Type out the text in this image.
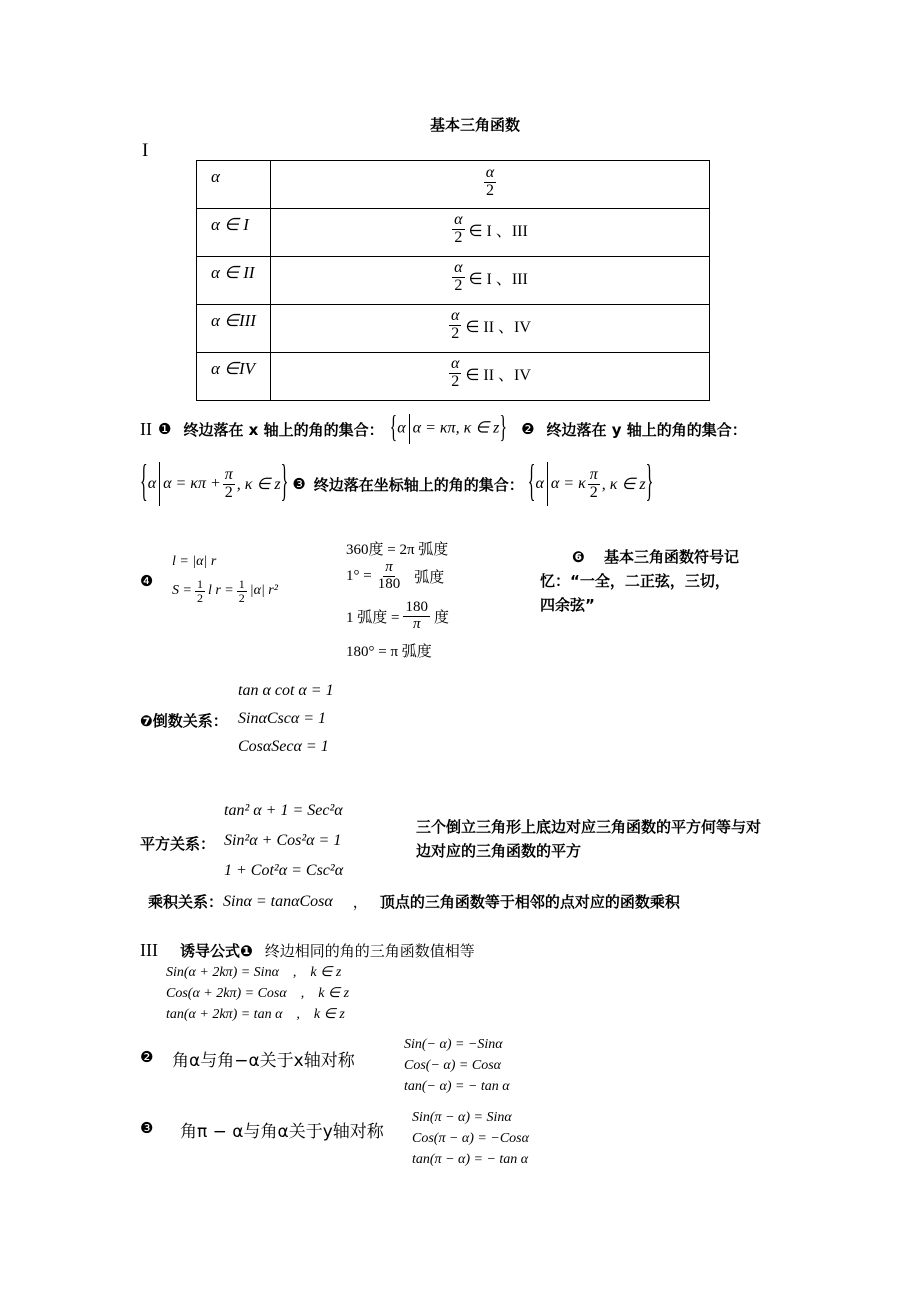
基本三角函数
I
α	$\frac{\alpha}{2}$

α ∈ I	$\frac{\alpha}{2}$ ∈ I 、III

α ∈ II	$\frac{\alpha}{2}$ ∈ I 、III

α ∈III	$\frac{\alpha}{2}$ ∈ II 、IV

α ∈IV	$\frac{\alpha}{2}$ ∈ II 、IV
II ❶ 终边落在 x 轴上的角的集合： {α α = κπ, κ ∈ z} ❷ 终边落在 y 轴上的角的集合：
{ α $\alpha = \kappa\pi + \frac{\pi}{2}$ , κ ∈ z } ❸ 终边落在坐标轴上的角的集合： { α α = κ $\frac{\pi}{2}$ , κ ∈ z }
❹
l = |α| r
$S = \frac{1}{2}$ l $r = \frac{1}{2} |\alpha|$ r²
360度 = 2π 弧度
$1^\circ = \frac{\pi}{180}$ 弧度
1 弧度 = $\frac{180}{\pi}$ 度
180° = π 弧度
❻ 基本三角函数符号记
忆：“一全，二正弦，三切，
四余弦”
tan α cot α = 1
❼倒数关系： SinαCscα = 1
CosαSecα = 1
tan² α + 1 = Sec²α
平方关系： Sin²α + Cos²α = 1
1 + Cot²α = Csc²α
三个倒立三角形上底边对应三角函数的平方何等与对
边对应的三角函数的平方
乘积关系： Sinα = tanαCosα ， 顶点的三角函数等于相邻的点对应的函数乘积
III 诱导公式❶ 终边相同的角的三角函数值相等
Sin(α + 2kπ) = Sinα    ,    k ∈ z
Cos(α + 2kπ) = Cosα    ,    k ∈ z
tan(α + 2kπ) = tan α    ,    k ∈ z
❷ 角α与角−α关于x轴对称
Sin(− α) = −Sinα
Cos(− α) = Cosα
tan(− α) = − tan α
❸ 角π − α与角α关于y轴对称
Sin(π − α) = Sinα
Cos(π − α) = −Cosα
tan(π − α) = − tan α
